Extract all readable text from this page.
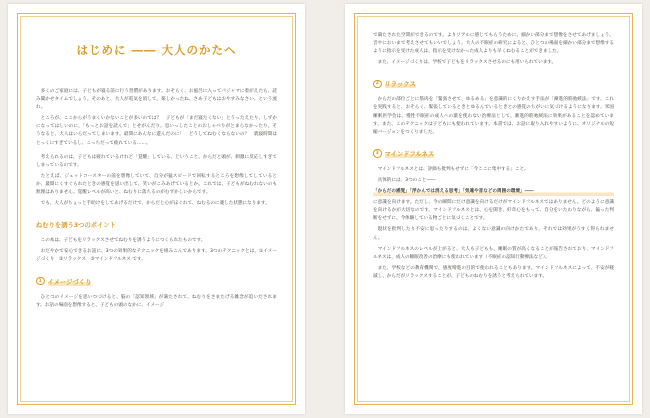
はじめに ―― 大人のかたへ

多くのご家庭には、子どもが寝る前に行う習慣があります。おそらく、お風呂に入ってパジャマに着がえたら、読み聞かせタイムでしょう。そのあと、大人が電気を消して、楽しかったね、さあ子どもはおやすみなさい、という流れ。

ところが、ここからがうまくいかないことが多いのでは？　子どもが「まだ寝たくない」とうったえたり、しずかになってはしいのに、「もっとお話を読んで」とせがんだり。息いっしたことのおしゃべりがとまらなかったり。そうなると、大人はいらだってしまいます。最間にあんなに遊んだのに！　どうしてねむくならないの？　就寝時間はとっくにすぎているし、こっちだって疲れている……。

考えられるのは、子どもは疲れているけれど「覚醒」している、ということ。からだと頭が、刺激に反応しすぎてしまっているのです。

たとえば、ジェットコースターの前を想像していて、自分が猛スピードで回転するところを想像してしているとか、最間にくすぐられたときの感覚を思い出して、笑いがこみあげているとか。これでは、子どもがねむれないのも無理はありません。覚醒レベルが高いと、ねむりに落ちるのがむずかしいからです。

でも、大人がちょっと手助けをしてあげるだけで、からだと心がほぐれて、ねむるのに適した状態になります。

ねむりを誘う3つのポイント

この本は、子どもをリラックスさせてねむりを誘うようにつくられたものです。

おだやかで安心できるお話に、3つの効果的なテクニックを組みこんであります。3つのテクニックとは、①イメージづくり　②リラックス　③マインドフルネス です。

1 イメージづくり

ひとつのイメージを思いつづけると、脳の「認知領域」が満たされて、ねむりをさまたげる雑念が追いだされます。お話の場面を想像すると、子どもの頭のなかに、イメージ

で満たされた空間ができるのです。よりリアルに感じてもらうために、細かい部分まで想像をさせてあげましょう。音やにおいまで考えさせてもいいでしょう。大人の不眠症の研究によると、ひとつの場面を細かい部分まで想像するように指示を受けた成人は、指示を受けなかった成人よりも早くねむることができました。

また、イメージづくりは、学校で子どもをリラックスさせるのにも用いられています。

2 リラックス

からだの部位ごとに筋肉を「緊張させて、ゆるめる」を意識的にくりかえす手法が「漸進的筋弛緩法」です。これを実践すると、おそらく、緊張しているときとゆるんでいるときとの感覚のちがいに気づけるようになります。米国睡眠医学会は、慢性不眠症の成人への薬を使わない治療法として、漸進的筋弛緩法に効果があることを認めています。また、このテクニックは子どもにも使われています。本書では、お話に取り入れやすいように、オリジナルの短縮バージョンをつくりました。

3 マインドフルネス

マインドフルネスとは、評価も批判もせずに「今ここに集中する」こと。

具体的には、3つのこと――

「からだの感覚」「浮かんでは消える思考」「気違や音などの周囲の環境」――

に意識を向けます。ただし、今の瞬間にだけ意識を向けるだけがマインドフルネスではありません。どのように意識を向けるかが大切なのです。マインドフルネスとは、心を開き、好奇心をもって、自分をいたわりながら、偏った判断をせずに、今体験している物ごとに気づくことです。

現状を批判したり不安に思ったりするのは、よくない意識の向けかたであり、それでは効果がうすく得られません。

マインドフルネスのレベルが上がると、大人も子どもも、睡眠の質が高くなることが報告されており、マインドフルネスは、成人の睡眠改善の治療にも使われています（不眠症の認知行動療法など）。

また、学校などの教育機関で、感度増進の目的で使われることもあります。マインドフルネスによって、不安が軽減し、からだがリラックスすることが、子どものねむりを誘うと考えられています。
